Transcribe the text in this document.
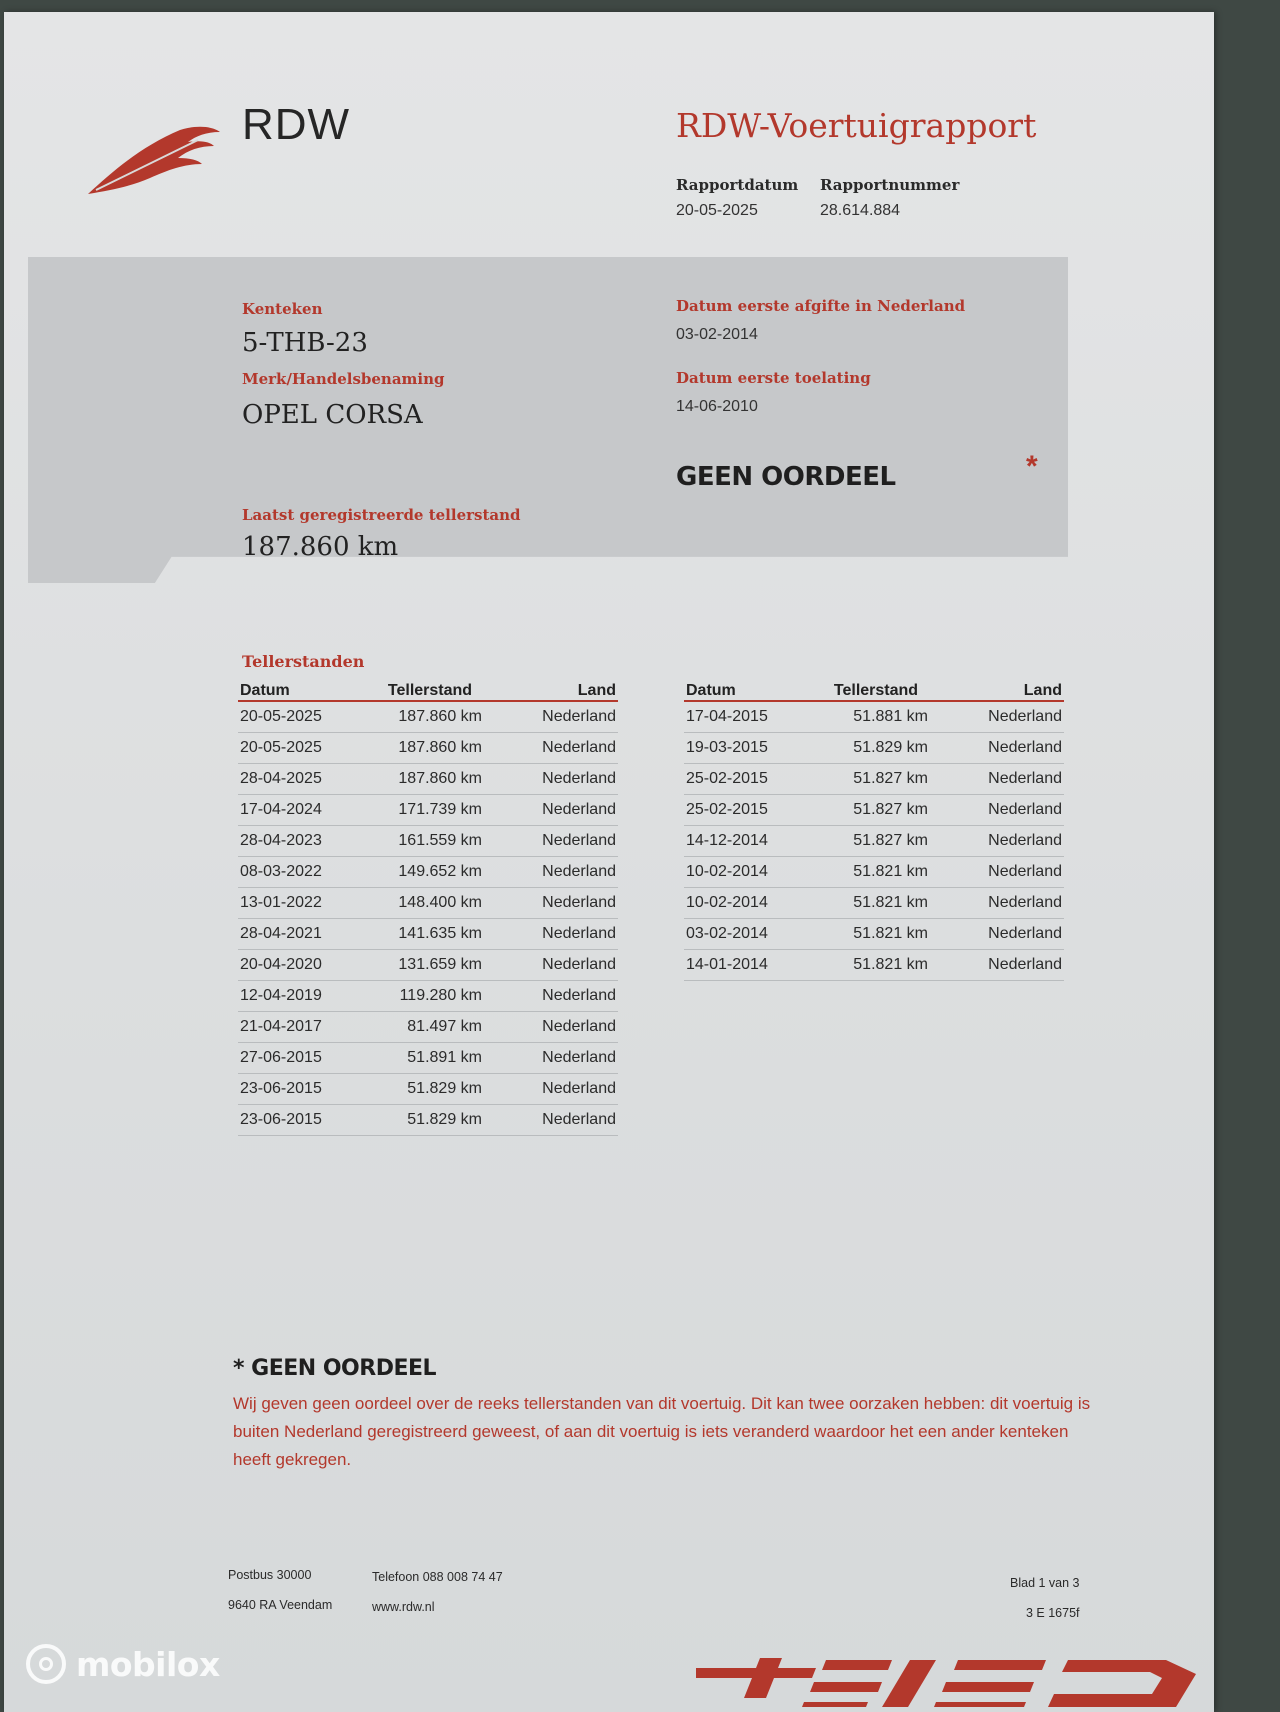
RDW	RDW-Voertuigrapport
Rapportdatum
20-05-2025
Rapportnummer
28.614.884
Kenteken
5-THB-23
Merk/Handelsbenaming
OPEL CORSA
Laatst geregistreerde tellerstand
187.860 km
Datum eerste afgifte in Nederland
03-02-2014
Datum eerste toelating
14-06-2010
GEEN OORDEEL	*
Tellerstanden
Datum	Tellerstand	Land
20-05-2025	187.860 km	Nederland
20-05-2025	187.860 km	Nederland
28-04-2025	187.860 km	Nederland
17-04-2024	171.739 km	Nederland
28-04-2023	161.559 km	Nederland
08-03-2022	149.652 km	Nederland
13-01-2022	148.400 km	Nederland
28-04-2021	141.635 km	Nederland
20-04-2020	131.659 km	Nederland
12-04-2019	119.280 km	Nederland
21-04-2017	81.497 km	Nederland
27-06-2015	51.891 km	Nederland
23-06-2015	51.829 km	Nederland
23-06-2015	51.829 km	Nederland
Datum	Tellerstand	Land
17-04-2015	51.881 km	Nederland
19-03-2015	51.829 km	Nederland
25-02-2015	51.827 km	Nederland
25-02-2015	51.827 km	Nederland
14-12-2014	51.827 km	Nederland
10-02-2014	51.821 km	Nederland
10-02-2014	51.821 km	Nederland
03-02-2014	51.821 km	Nederland
14-01-2014	51.821 km	Nederland
* GEEN OORDEEL
Wij geven geen oordeel over de reeks tellerstanden van dit voertuig. Dit kan twee oorzaken hebben: dit voertuig is buiten Nederland geregistreerd geweest, of aan dit voertuig is iets veranderd waardoor het een ander kenteken heeft gekregen.
Postbus 30000
9640 RA Veendam
Telefoon 088 008 74 47
www.rdw.nl
Blad 1 van 3
3 E 1675f
mobilox
